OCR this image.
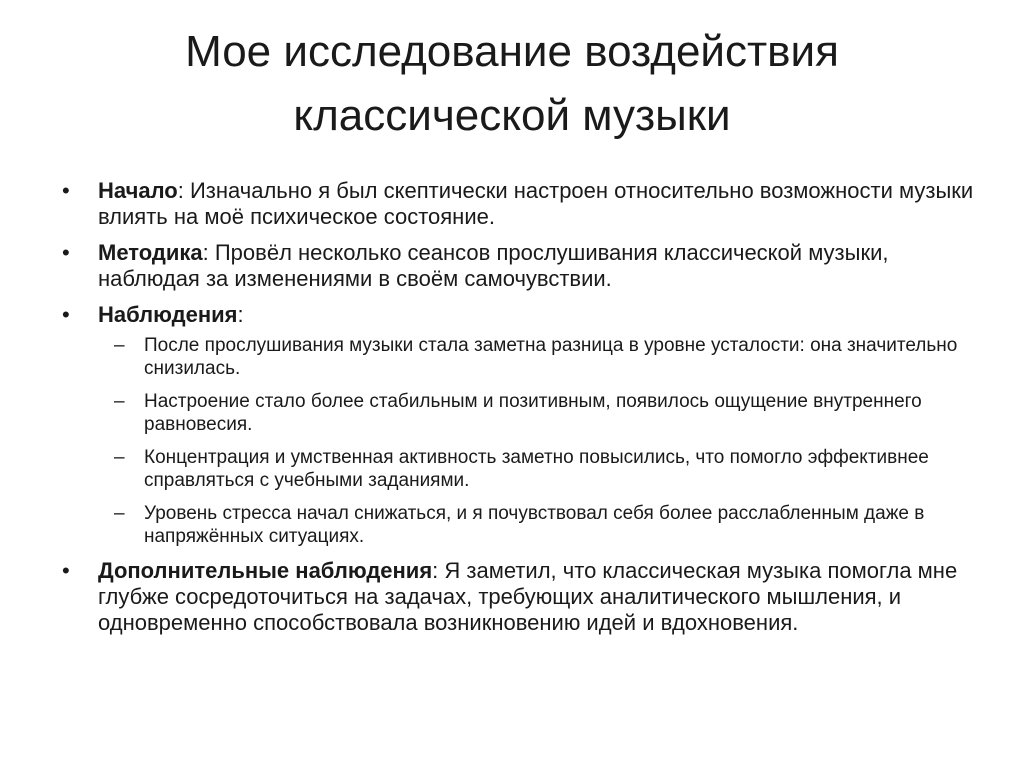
Мое исследование воздействия
классической музыки
• Начало: Изначально я был скептически настроен относительно возможности музыки влиять на моё психическое состояние.
• Методика: Провёл несколько сеансов прослушивания классической музыки, наблюдая за изменениями в своём самочувствии.
• Наблюдения:
– После прослушивания музыки стала заметна разница в уровне усталости: она значительно снизилась.
– Настроение стало более стабильным и позитивным, появилось ощущение внутреннего равновесия.
– Концентрация и умственная активность заметно повысились, что помогло эффективнее справляться с учебными заданиями.
– Уровень стресса начал снижаться, и я почувствовал себя более расслабленным даже в напряжённых ситуациях.
• Дополнительные наблюдения: Я заметил, что классическая музыка помогла мне глубже сосредоточиться на задачах, требующих аналитического мышления, и одновременно способствовала возникновению идей и вдохновения.
